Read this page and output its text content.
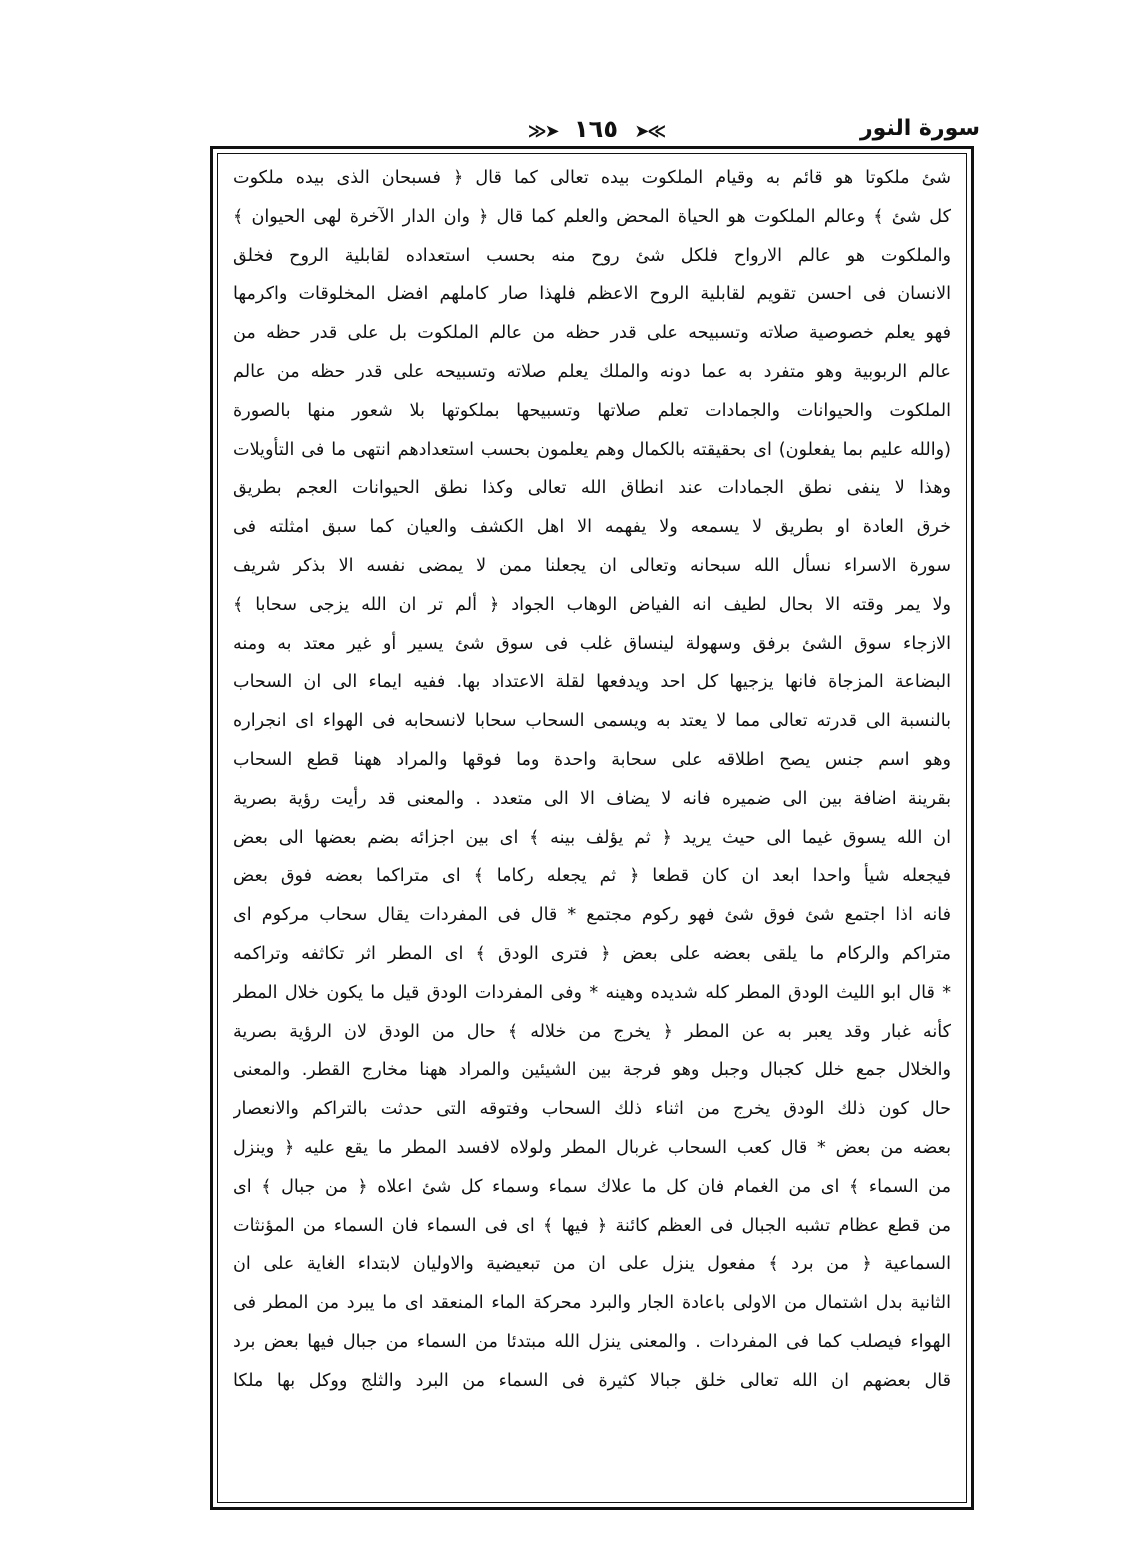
≫➤ ١٦٥ ➤≪	سورة النور
شئ ملكوتا هو قائم به وقيام الملكوت بيده تعالى كما قال ﴿ فسبحان الذى بيده ملكوت
كل شئ ﴾ وعالم الملكوت هو الحياة المحض والعلم كما قال ﴿ وان الدار الآخرة لهى الحيوان ﴾
والملكوت هو عالم الارواح فلكل شئ روح منه بحسب استعداده لقابلية الروح فخلق
الانسان فى احسن تقويم لقابلية الروح الاعظم فلهذا صار كاملهم افضل المخلوقات واكرمها
فهو يعلم خصوصية صلاته وتسبيحه على قدر حظه من عالم الملكوت بل على قدر حظه من
عالم الربوبية وهو متفرد به عما دونه والملك يعلم صلاته وتسبيحه على قدر حظه من عالم
الملكوت والحيوانات والجمادات تعلم صلاتها وتسبيحها بملكوتها بلا شعور منها بالصورة
(والله عليم بما يفعلون) اى بحقيقته بالكمال وهم يعلمون بحسب استعدادهم انتهى ما فى التأويلات
وهذا لا ينفى نطق الجمادات عند انطاق الله تعالى وكذا نطق الحيوانات العجم بطريق
خرق العادة او بطريق لا يسمعه ولا يفهمه الا اهل الكشف والعيان كما سبق امثلته فى
سورة الاسراء نسأل الله سبحانه وتعالى ان يجعلنا ممن لا يمضى نفسه الا بذكر شريف
ولا يمر وقته الا بحال لطيف انه الفياض الوهاب الجواد ﴿ ألم تر ان الله يزجى سحابا ﴾
الازجاء سوق الشئ برفق وسهولة لينساق غلب فى سوق شئ يسير أو غير معتد به ومنه
البضاعة المزجاة فانها يزجيها كل احد ويدفعها لقلة الاعتداد بها. ففيه ايماء الى ان السحاب
بالنسبة الى قدرته تعالى مما لا يعتد به ويسمى السحاب سحابا لانسحابه فى الهواء اى انجراره
وهو اسم جنس يصح اطلاقه على سحابة واحدة وما فوقها والمراد ههنا قطع السحاب
بقرينة اضافة بين الى ضميره فانه لا يضاف الا الى متعدد . والمعنى قد رأيت رؤية بصرية
ان الله يسوق غيما الى حيث يريد ﴿ ثم يؤلف بينه ﴾ اى بين اجزائه بضم بعضها الى بعض
فيجعله شيأ واحدا ابعد ان كان قطعا ﴿ ثم يجعله ركاما ﴾ اى متراكما بعضه فوق بعض
فانه اذا اجتمع شئ فوق شئ فهو ركوم مجتمع * قال فى المفردات يقال سحاب مركوم اى
متراكم والركام ما يلقى بعضه على بعض ﴿ فترى الودق ﴾ اى المطر اثر تكاثفه وتراكمه
* قال ابو الليث الودق المطر كله شديده وهينه * وفى المفردات الودق قيل ما يكون خلال المطر
كأنه غبار وقد يعبر به عن المطر ﴿ يخرج من خلاله ﴾ حال من الودق لان الرؤية بصرية
والخلال جمع خلل كجبال وجبل وهو فرجة بين الشيئين والمراد ههنا مخارج القطر. والمعنى
حال كون ذلك الودق يخرج من اثناء ذلك السحاب وفتوقه التى حدثت بالتراكم والانعصار
بعضه من بعض * قال كعب السحاب غربال المطر ولولاه لافسد المطر ما يقع عليه ﴿ وينزل
من السماء ﴾ اى من الغمام فان كل ما علاك سماء وسماء كل شئ اعلاه ﴿ من جبال ﴾ اى
من قطع عظام تشبه الجبال فى العظم كائنة ﴿ فيها ﴾ اى فى السماء فان السماء من المؤنثات
السماعية ﴿ من برد ﴾ مفعول ينزل على ان من تبعيضية والاوليان لابتداء الغاية على ان
الثانية بدل اشتمال من الاولى باعادة الجار والبرد محركة الماء المنعقد اى ما يبرد من المطر فى
الهواء فيصلب كما فى المفردات . والمعنى ينزل الله مبتدئا من السماء من جبال فيها بعض برد
قال بعضهم ان الله تعالى خلق جبالا كثيرة فى السماء من البرد والثلج ووكل بها ملكا
